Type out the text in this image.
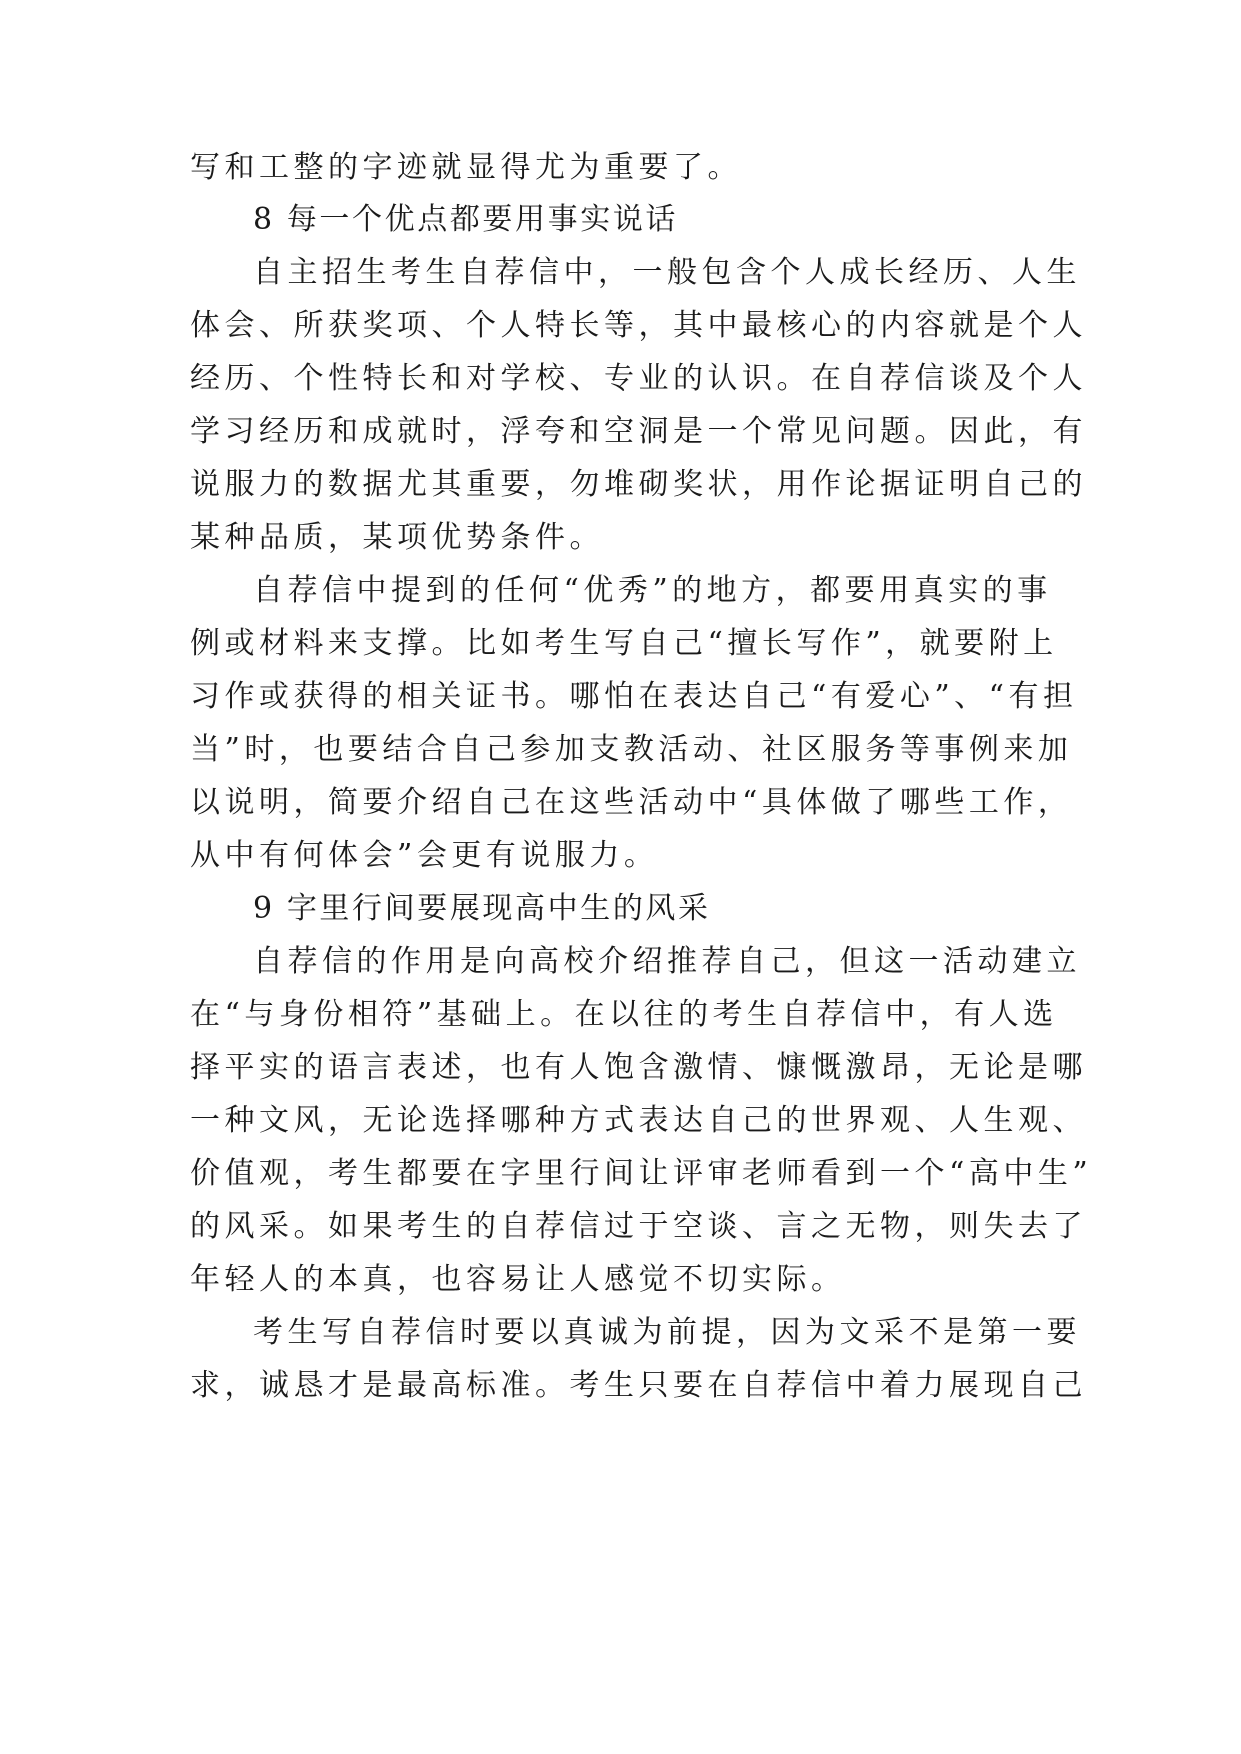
写和工整的字迹就显得尤为重要了。
8 每一个优点都要用事实说话
自主招生考生自荐信中，一般包含个人成长经历、人生
体会、所获奖项、个人特长等，其中最核心的内容就是个人
经历、个性特长和对学校、专业的认识。在自荐信谈及个人
学习经历和成就时，浮夸和空洞是一个常见问题。因此，有
说服力的数据尤其重要，勿堆砌奖状，用作论据证明自己的
某种品质，某项优势条件。
自荐信中提到的任何“优秀”的地方，都要用真实的事
例或材料来支撑。比如考生写自己“擅长写作”，就要附上
习作或获得的相关证书。哪怕在表达自己“有爱心”、“有担
当”时，也要结合自己参加支教活动、社区服务等事例来加
以说明，简要介绍自己在这些活动中“具体做了哪些工作，
从中有何体会”会更有说服力。
9 字里行间要展现高中生的风采
自荐信的作用是向高校介绍推荐自己，但这一活动建立
在“与身份相符”基础上。在以往的考生自荐信中，有人选
择平实的语言表述，也有人饱含激情、慷慨激昂，无论是哪
一种文风，无论选择哪种方式表达自己的世界观、人生观、
价值观，考生都要在字里行间让评审老师看到一个“高中生”
的风采。如果考生的自荐信过于空谈、言之无物，则失去了
年轻人的本真，也容易让人感觉不切实际。
考生写自荐信时要以真诚为前提，因为文采不是第一要
求，诚恳才是最高标准。考生只要在自荐信中着力展现自己
